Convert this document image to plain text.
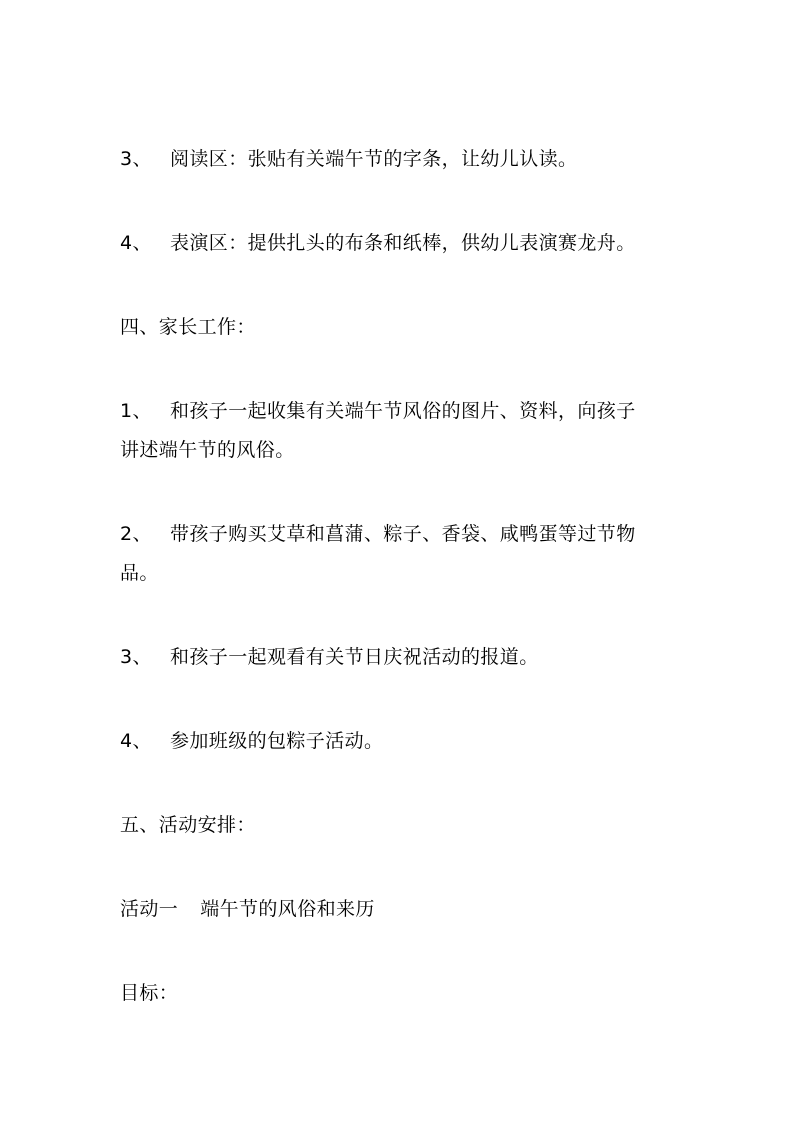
3、 阅读区：张贴有关端午节的字条，让幼儿认读。
4、 表演区：提供扎头的布条和纸棒，供幼儿表演赛龙舟。
四、家长工作：
1、 和孩子一起收集有关端午节风俗的图片、资料，向孩子
讲述端午节的风俗。
2、 带孩子购买艾草和菖蒲、粽子、香袋、咸鸭蛋等过节物
品。
3、 和孩子一起观看有关节日庆祝活动的报道。
4、 参加班级的包粽子活动。
五、活动安排：
活动一 端午节的风俗和来历
目标：
